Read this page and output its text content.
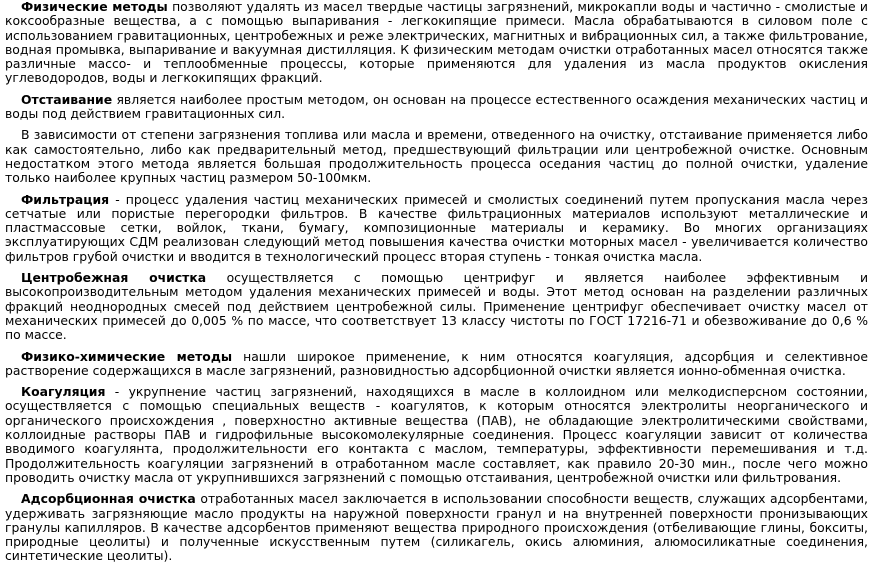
Физические методы позволяют удалять из масел твердые частицы загрязнений, микрокапли воды и частично - смолистые и коксообразные вещества, а с помощью выпаривания - легкокипящие примеси. Масла обрабатываются в силовом поле с использованием гравитационных, центробежных и реже электрических, магнитных и вибрационных сил, а также фильтрование, водная промывка, выпаривание и вакуумная дистилляция. К физическим методам очистки отработанных масел относятся также различные массо- и теплообменные процессы, которые применяются для удаления из масла продуктов окисления углеводородов, воды и легкокипящих фракций.

Отстаивание является наиболее простым методом, он основан на процессе естественного осаждения механических частиц и воды под действием гравитационных сил.

В зависимости от степени загрязнения топлива или масла и времени, отведенного на очистку, отстаивание применяется либо как самостоятельно, либо как предварительный метод, предшествующий фильтрации или центробежной очистке. Основным недостатком этого метода является большая продолжительность процесса оседания частиц до полной очистки, удаление только наиболее крупных частиц размером 50-100мкм.

Фильтрация - процесс удаления частиц механических примесей и смолистых соединений путем пропускания масла через сетчатые или пористые перегородки фильтров. В качестве фильтрационных материалов используют металлические и пластмассовые сетки, войлок, ткани, бумагу, композиционные материалы и керамику. Во многих организациях эксплуатирующих СДМ реализован следующий метод повышения качества очистки моторных масел - увеличивается количество фильтров грубой очистки и вводится в технологический процесс вторая ступень - тонкая очистка масла.

Центробежная очистка осуществляется с помощью центрифуг и является наиболее эффективным и высокопроизводительным методом удаления механических примесей и воды. Этот метод основан на разделении различных фракций неоднородных смесей под действием центробежной силы. Применение центрифуг обеспечивает очистку масел от механических примесей до 0,005 % по массе, что соответствует 13 классу чистоты по ГОСТ 17216-71 и обезвоживание до 0,6 % по массе.

Физико-химические методы нашли широкое применение, к ним относятся коагуляция, адсорбция и селективное растворение содержащихся в масле загрязнений, разновидностью адсорбционной очистки является ионно-обменная очистка.

Коагуляция - укрупнение частиц загрязнений, находящихся в масле в коллоидном или мелкодисперсном состоянии, осуществляется с помощью специальных веществ - коагулятов, к которым относятся электролиты неорганического и органического происхождения , поверхностно активные вещества (ПАВ), не обладающие электролитическими свойствами, коллоидные растворы ПАВ и гидрофильные высокомолекулярные соединения. Процесс коагуляции зависит от количества вводимого коагулянта, продолжительности его контакта с маслом, температуры, эффективности перемешивания и т.д. Продолжительность коагуляции загрязнений в отработанном масле составляет, как правило 20-30 мин., после чего можно проводить очистку масла от укрупнившихся загрязнений с помощью отстаивания, центробежной очистки или фильтрования.

Адсорбционная очистка отработанных масел заключается в использовании способности веществ, служащих адсорбентами, удерживать загрязняющие масло продукты на наружной поверхности гранул и на внутренней поверхности пронизывающих гранулы капилляров. В качестве адсорбентов применяют вещества природного происхождения (отбеливающие глины, бокситы, природные цеолиты) и полученные искусственным путем (силикагель, окись алюминия, алюмосиликатные соединения, синтетические цеолиты).
